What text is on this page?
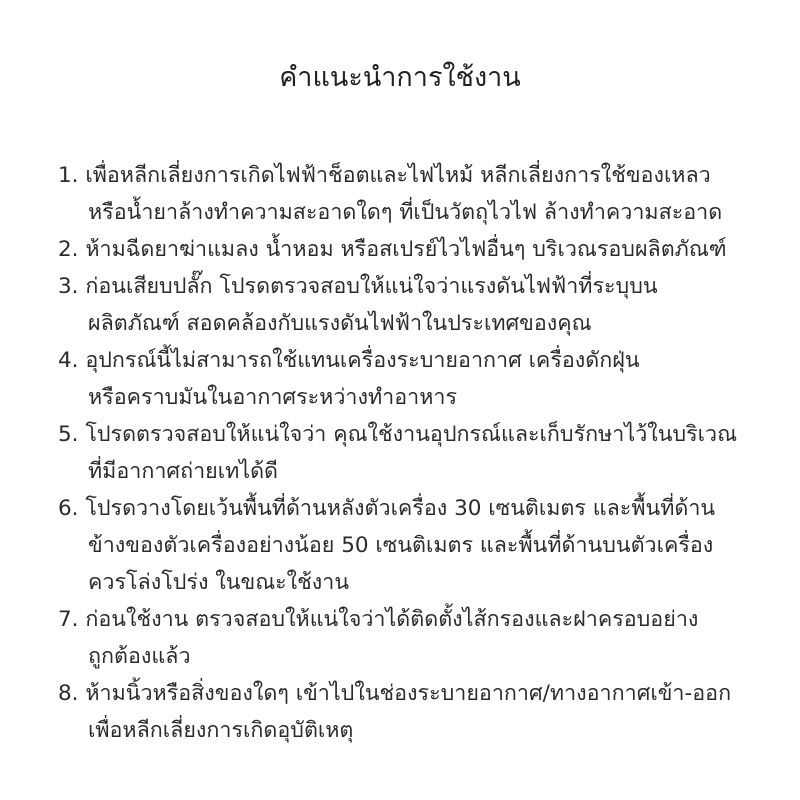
คำแนะนำการใช้งาน
1. เพื่อหลีกเลี่ยงการเกิดไฟฟ้าช็อตและไฟไหม้ หลีกเลี่ยงการใช้ของเหลว
หรือน้ำยาล้างทำความสะอาดใดๆ ที่เป็นวัตถุไวไฟ ล้างทำความสะอาด
2. ห้ามฉีดยาฆ่าแมลง น้ำหอม หรือสเปรย์ไวไฟอื่นๆ บริเวณรอบผลิตภัณฑ์
3. ก่อนเสียบปลั๊ก โปรดตรวจสอบให้แน่ใจว่าแรงดันไฟฟ้าที่ระบุบน
ผลิตภัณฑ์ สอดคล้องกับแรงดันไฟฟ้าในประเทศของคุณ
4. อุปกรณ์นี้ไม่สามารถใช้แทนเครื่องระบายอากาศ เครื่องดักฝุ่น
หรือคราบมันในอากาศระหว่างทำอาหาร
5. โปรดตรวจสอบให้แน่ใจว่า คุณใช้งานอุปกรณ์และเก็บรักษาไว้ในบริเวณ
ที่มีอากาศถ่ายเทได้ดี
6. โปรดวางโดยเว้นพื้นที่ด้านหลังตัวเครื่อง 30 เซนติเมตร และพื้นที่ด้าน
ข้างของตัวเครื่องอย่างน้อย 50 เซนติเมตร และพื้นที่ด้านบนตัวเครื่อง
ควรโล่งโปร่ง ในขณะใช้งาน
7. ก่อนใช้งาน ตรวจสอบให้แน่ใจว่าได้ติดตั้งไส้กรองและฝาครอบอย่าง
ถูกต้องแล้ว
8. ห้ามนิ้วหรือสิ่งของใดๆ เข้าไปในช่องระบายอากาศ/ทางอากาศเข้า-ออก
เพื่อหลีกเลี่ยงการเกิดอุบัติเหตุ
